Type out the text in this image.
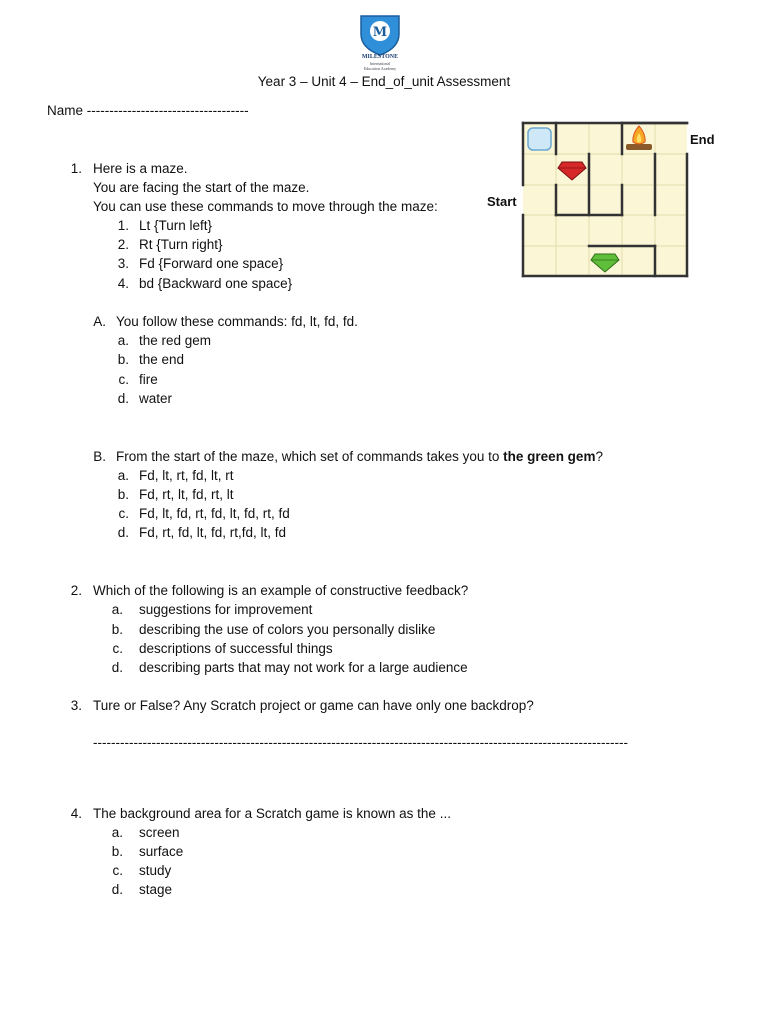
M
MILESTONE
International
Education Academy
Year 3 – Unit 4 – End_of_unit Assessment
Name ------------------------------------
Start
End
1. Here is a maze.
You are facing the start of the maze.
You can use these commands to move through the maze:
1. Lt {Turn left}
2. Rt {Turn right}
3. Fd {Forward one space}
4. bd {Backward one space}
A. You follow these commands: fd, lt, fd, fd.
a. the red gem
b. the end
c. fire
d. water
B. From the start of the maze, which set of commands takes you to the green gem?
a. Fd, lt, rt, fd, lt, rt
b. Fd, rt, lt, fd, rt, lt
c. Fd, lt, fd, rt, fd, lt, fd, rt, fd
d. Fd, rt, fd, lt, fd, rt,fd, lt, fd
2. Which of the following is an example of constructive feedback?
a. suggestions for improvement
b. describing the use of colors you personally dislike
c. descriptions of successful things
d. describing parts that may not work for a large audience
3. Ture or False? Any Scratch project or game can have only one backdrop?
-----------------------------------------------------------------------------------------------------------------------
4. The background area for a Scratch game is known as the ...
a. screen
b. surface
c. study
d. stage
